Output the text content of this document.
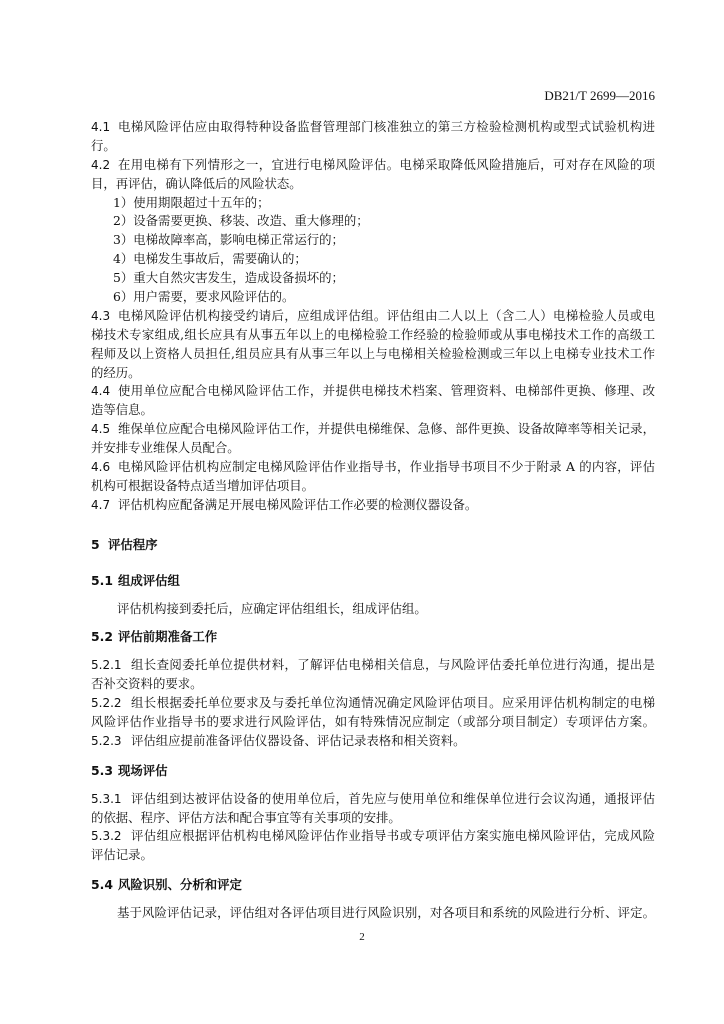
DB21/T 2699—2016
4.1 电梯风险评估应由取得特种设备监督管理部门核准独立的第三方检验检测机构或型式试验机构进
行。
4.2 在用电梯有下列情形之一，宜进行电梯风险评估。电梯采取降低风险措施后，可对存在风险的项
目，再评估，确认降低后的风险状态。
1） 使用期限超过十五年的；
2） 设备需要更换、移装、改造、重大修理的；
3） 电梯故障率高，影响电梯正常运行的；
4） 电梯发生事故后，需要确认的；
5） 重大自然灾害发生，造成设备损坏的；
6） 用户需要，要求风险评估的。
4.3 电梯风险评估机构接受约请后，应组成评估组。评估组由二人以上（含二人）电梯检验人员或电
梯技术专家组成,组长应具有从事五年以上的电梯检验工作经验的检验师或从事电梯技术工作的高级工
程师及以上资格人员担任,组员应具有从事三年以上与电梯相关检验检测或三年以上电梯专业技术工作
的经历。
4.4 使用单位应配合电梯风险评估工作，并提供电梯技术档案、管理资料、电梯部件更换、修理、改
造等信息。
4.5 维保单位应配合电梯风险评估工作，并提供电梯维保、急修、部件更换、设备故障率等相关记录，
并安排专业维保人员配合。
4.6 电梯风险评估机构应制定电梯风险评估作业指导书，作业指导书项目不少于附录 A 的内容，评估
机构可根据设备特点适当增加评估项目。
4.7 评估机构应配备满足开展电梯风险评估工作必要的检测仪器设备。
5 评估程序
5.1 组成评估组
评估机构接到委托后，应确定评估组组长，组成评估组。
5.2 评估前期准备工作
5.2.1 组长查阅委托单位提供材料，了解评估电梯相关信息，与风险评估委托单位进行沟通，提出是
否补交资料的要求。
5.2.2 组长根据委托单位要求及与委托单位沟通情况确定风险评估项目。应采用评估机构制定的电梯
风险评估作业指导书的要求进行风险评估，如有特殊情况应制定（或部分项目制定）专项评估方案。
5.2.3 评估组应提前准备评估仪器设备、评估记录表格和相关资料。
5.3 现场评估
5.3.1 评估组到达被评估设备的使用单位后，首先应与使用单位和维保单位进行会议沟通，通报评估
的依据、程序、评估方法和配合事宜等有关事项的安排。
5.3.2 评估组应根据评估机构电梯风险评估作业指导书或专项评估方案实施电梯风险评估，完成风险
评估记录。
5.4 风险识别、分析和评定
基于风险评估记录，评估组对各评估项目进行风险识别，对各项目和系统的风险进行分析、评定。
2
